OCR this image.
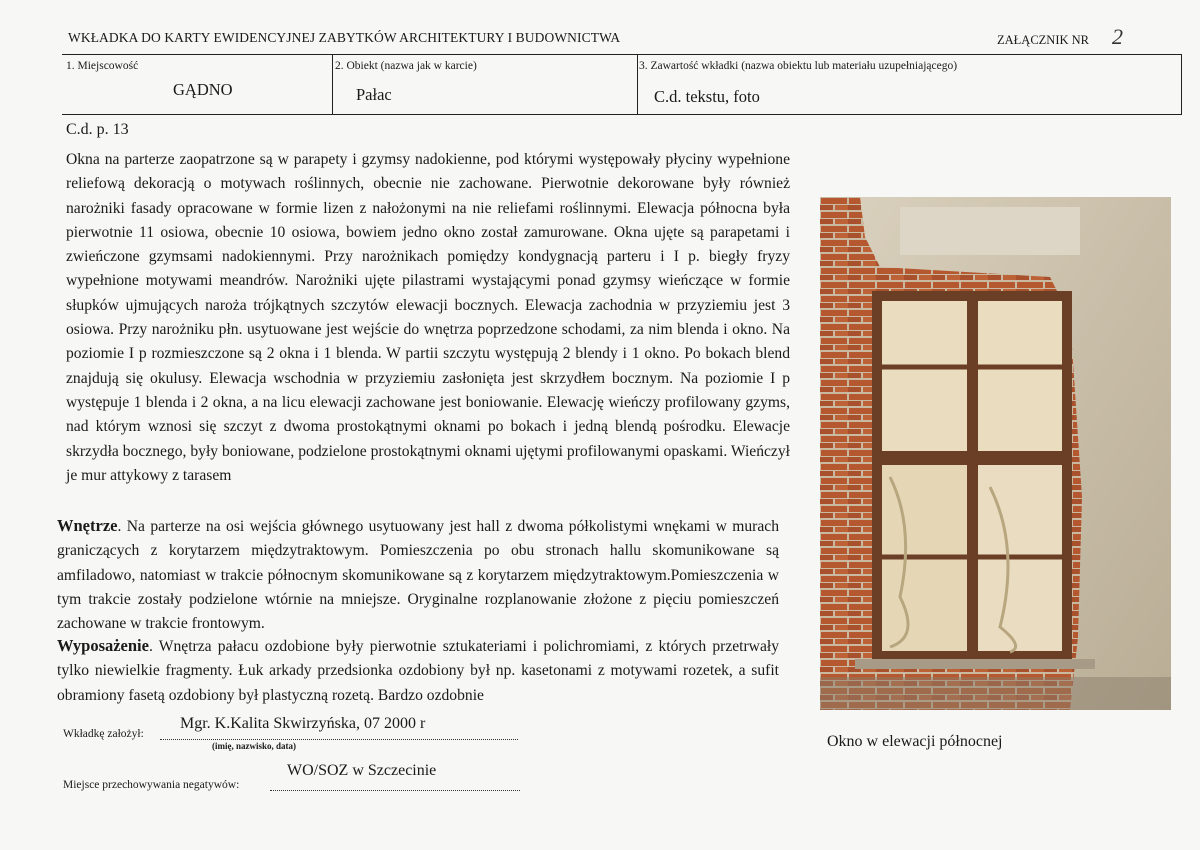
WKŁADKA DO KARTY EWIDENCYJNEJ ZABYTKÓW ARCHITEKTURY I BUDOWNICTWA	ZAŁĄCZNIK NR 2
1. Miejscowość
GĄDNO
2. Obiekt (nazwa jak w karcie)
Pałac
3. Zawartość wkładki (nazwa obiektu lub materiału uzupełniającego)
C.d. tekstu, foto
C.d. p. 13
Okna na parterze zaopatrzone są w parapety i gzymsy nadokienne, pod którymi występowały płyciny wypełnione reliefową dekoracją o motywach roślinnych, obecnie nie zachowane. Pierwotnie dekorowane były również narożniki fasady opracowane w formie lizen z nałożonymi na nie reliefami roślinnymi. Elewacja północna była pierwotnie 11 osiowa, obecnie 10 osiowa, bowiem jedno okno został zamurowane. Okna ujęte są parapetami i zwieńczone gzymsami nadokiennymi. Przy narożnikach pomiędzy kondygnacją parteru i I p. biegły fryzy wypełnione motywami meandrów. Narożniki ujęte pilastrami wystającymi ponad gzymsy wieńczące w formie słupków ujmujących naroża trójkątnych szczytów elewacji bocznych. Elewacja zachodnia w przyziemiu jest 3 osiowa. Przy narożniku płn. usytuowane jest wejście do wnętrza poprzedzone schodami, za nim blenda i okno. Na poziomie I p rozmieszczone są 2 okna i 1 blenda. W partii szczytu występują 2 blendy i 1 okno. Po bokach blend znajdują się okulusy. Elewacja wschodnia w przyziemiu zasłonięta jest skrzydłem bocznym. Na poziomie I p występuje 1 blenda i 2 okna, a na licu elewacji zachowane jest boniowanie. Elewację wieńczy profilowany gzyms, nad którym wznosi się szczyt z dwoma prostokątnymi oknami po bokach i jedną blendą pośrodku. Elewacje skrzydła bocznego, były boniowane, podzielone prostokątnymi oknami ujętymi profilowanymi opaskami. Wieńczył je mur attykowy z tarasem
Wnętrze. Na parterze na osi wejścia głównego usytuowany jest hall z dwoma półkolistymi wnękami w murach graniczących z korytarzem międzytraktowym. Pomieszczenia po obu stronach hallu skomunikowane są amfiladowo, natomiast w trakcie północnym skomunikowane są z korytarzem międzytraktowym.Pomieszczenia w tym trakcie zostały podzielone wtórnie na mniejsze. Oryginalne rozplanowanie złożone z pięciu pomieszczeń zachowane w trakcie frontowym.
Wyposażenie. Wnętrza pałacu ozdobione były pierwotnie sztukateriami i polichromiami, z których przetrwały tylko niewielkie fragmenty. Łuk arkady przedsionka ozdobiony był np. kasetonami z motywami rozetek, a sufit obramiony fasetą ozdobiony był plastyczną rozetą. Bardzo ozdobnie
Mgr. K.Kalita Skwirzyńska, 07 2000 r
Wkładkę założył:
(imię, nazwisko, data)
WO/SOZ w Szczecinie
Miejsce przechowywania negatywów:
Okno w elewacji północnej
